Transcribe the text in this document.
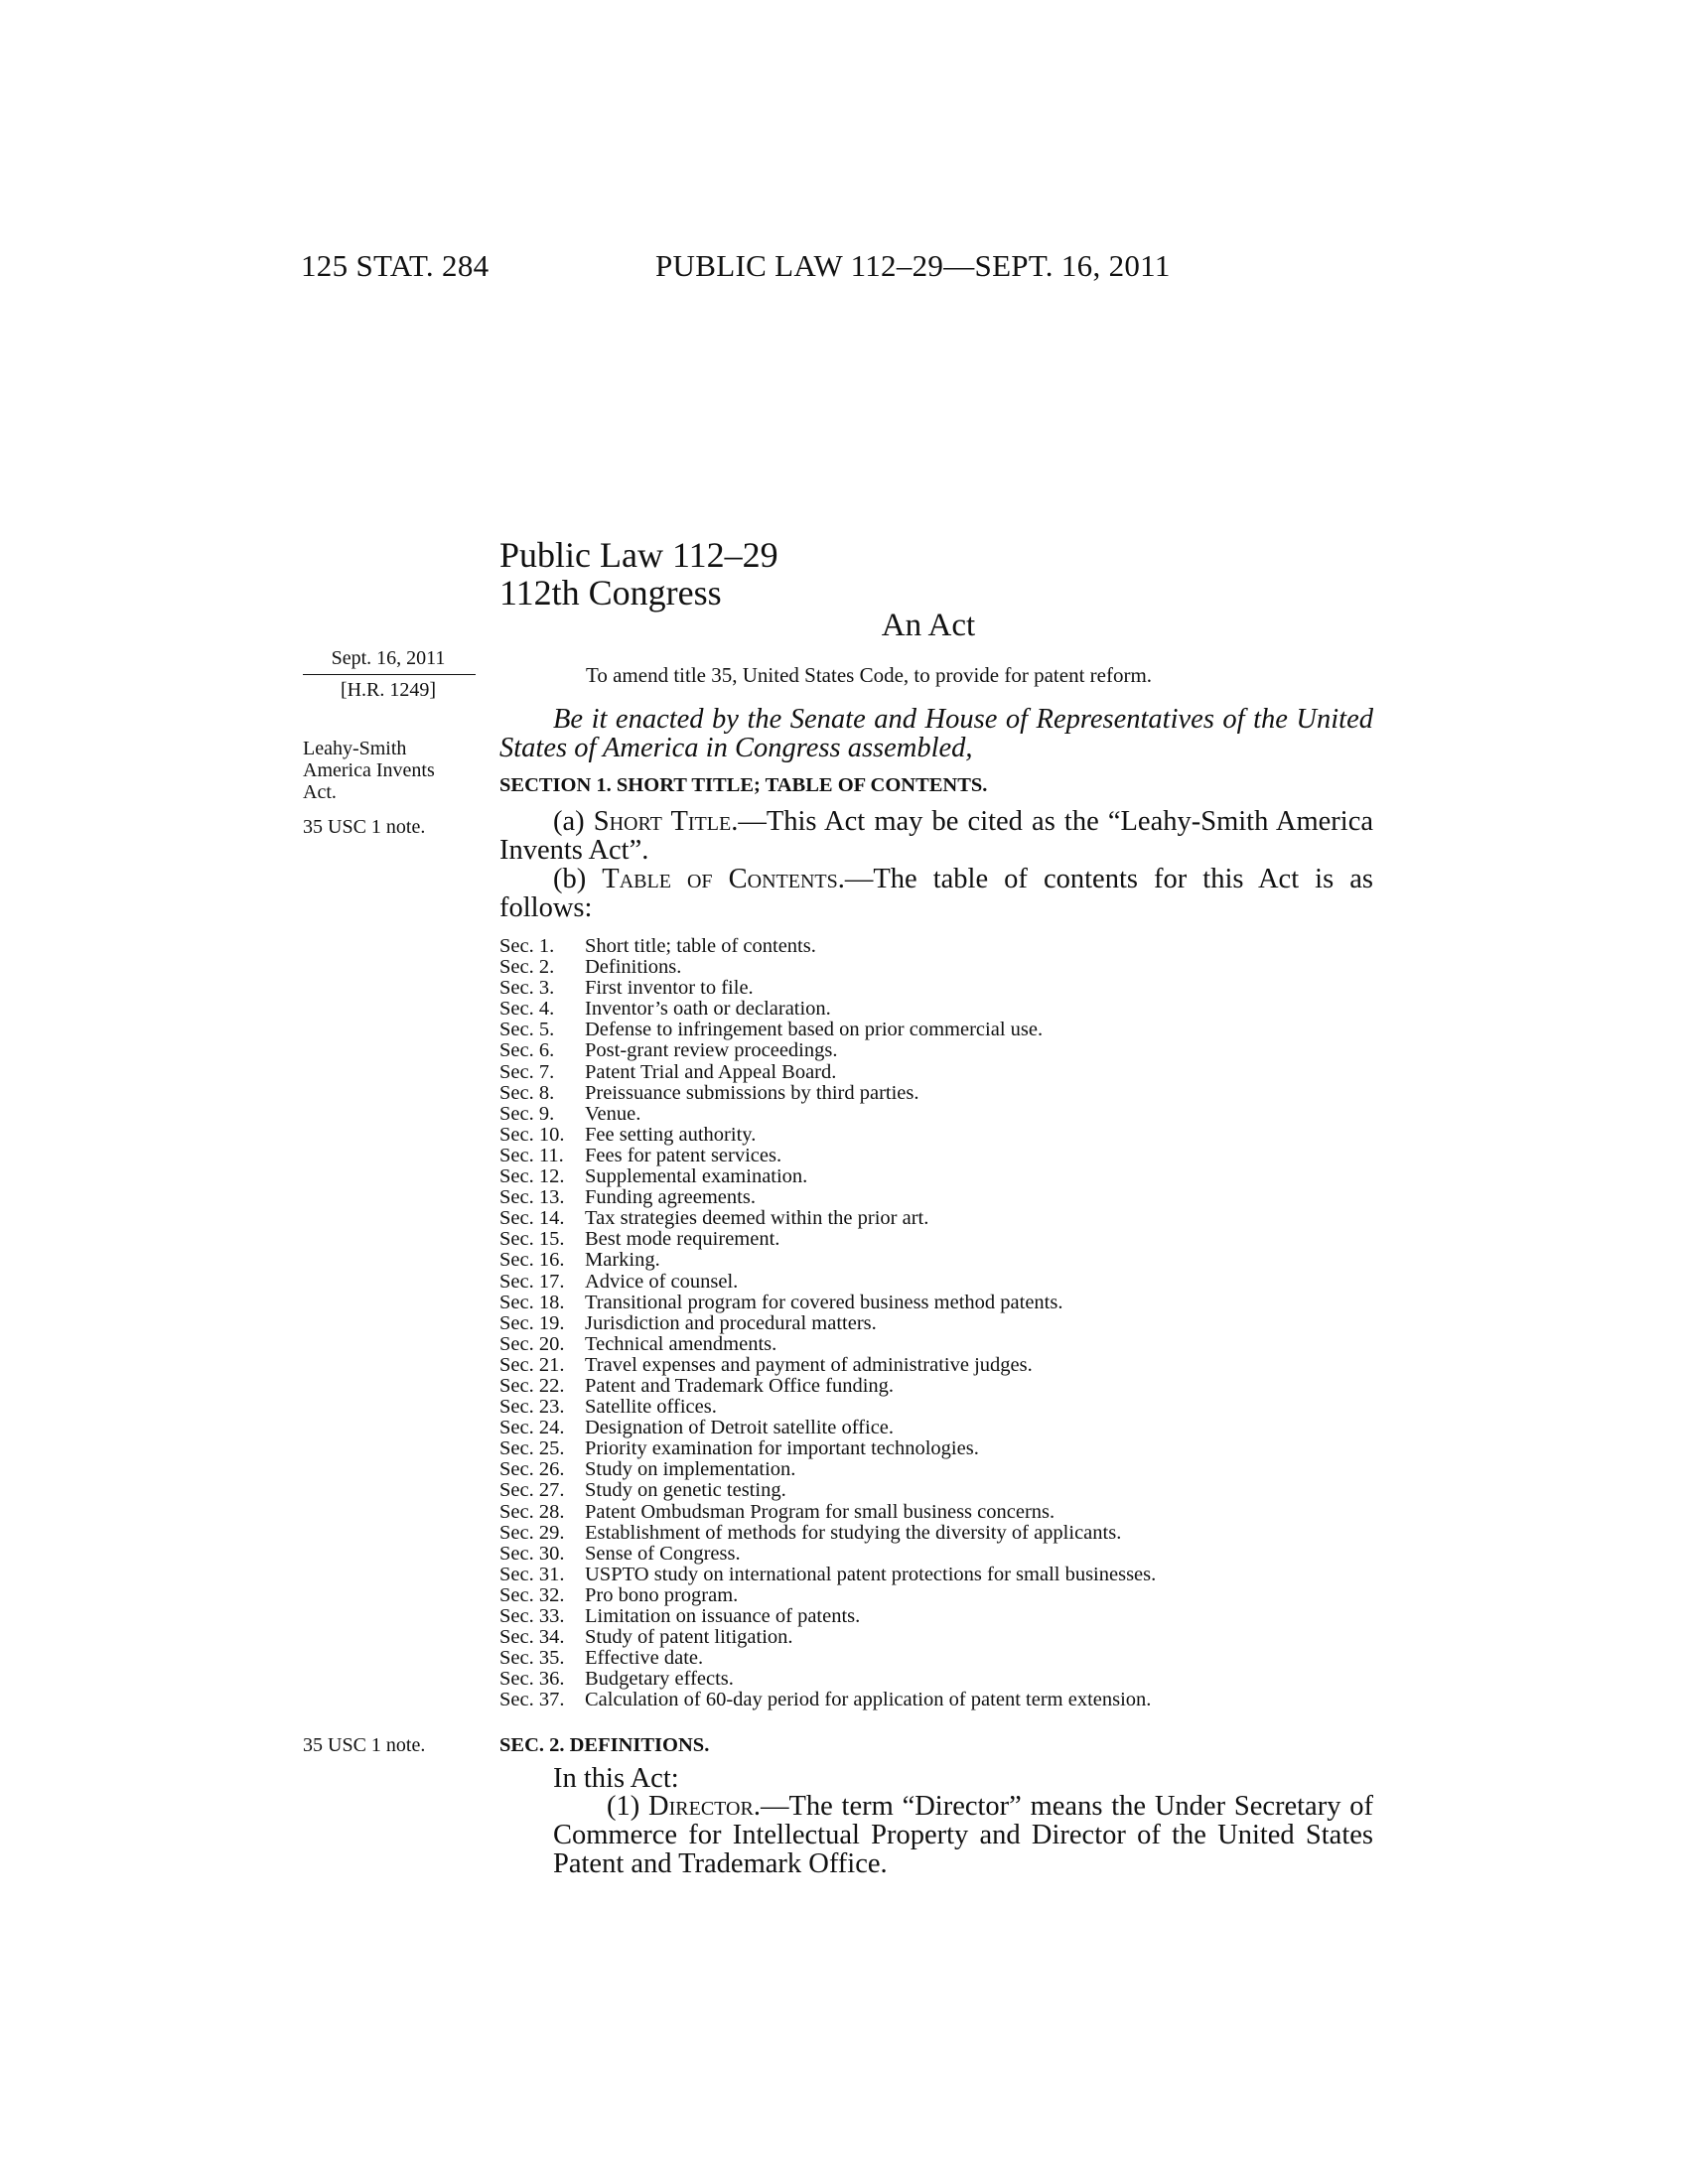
125 STAT. 284	PUBLIC LAW 112–29—SEPT. 16, 2011
Public Law 112–29
112th Congress
An Act
To amend title 35, United States Code, to provide for patent reform.
Sept. 16, 2011
[H.R. 1249]
Leahy-Smith America Invents Act.
35 USC 1 note.
35 USC 1 note.
Be it enacted by the Senate and House of Representatives of the United States of America in Congress assembled,
SECTION 1. SHORT TITLE; TABLE OF CONTENTS.
(a) Short Title.—This Act may be cited as the “Leahy-Smith America Invents Act”.
(b) Table of Contents.—The table of contents for this Act is as follows:
Sec. 1. Short title; table of contents.
Sec. 2. Definitions.
Sec. 3. First inventor to file.
Sec. 4. Inventor’s oath or declaration.
Sec. 5. Defense to infringement based on prior commercial use.
Sec. 6. Post-grant review proceedings.
Sec. 7. Patent Trial and Appeal Board.
Sec. 8. Preissuance submissions by third parties.
Sec. 9. Venue.
Sec. 10. Fee setting authority.
Sec. 11. Fees for patent services.
Sec. 12. Supplemental examination.
Sec. 13. Funding agreements.
Sec. 14. Tax strategies deemed within the prior art.
Sec. 15. Best mode requirement.
Sec. 16. Marking.
Sec. 17. Advice of counsel.
Sec. 18. Transitional program for covered business method patents.
Sec. 19. Jurisdiction and procedural matters.
Sec. 20. Technical amendments.
Sec. 21. Travel expenses and payment of administrative judges.
Sec. 22. Patent and Trademark Office funding.
Sec. 23. Satellite offices.
Sec. 24. Designation of Detroit satellite office.
Sec. 25. Priority examination for important technologies.
Sec. 26. Study on implementation.
Sec. 27. Study on genetic testing.
Sec. 28. Patent Ombudsman Program for small business concerns.
Sec. 29. Establishment of methods for studying the diversity of applicants.
Sec. 30. Sense of Congress.
Sec. 31. USPTO study on international patent protections for small businesses.
Sec. 32. Pro bono program.
Sec. 33. Limitation on issuance of patents.
Sec. 34. Study of patent litigation.
Sec. 35. Effective date.
Sec. 36. Budgetary effects.
Sec. 37. Calculation of 60-day period for application of patent term extension.
SEC. 2. DEFINITIONS.
In this Act:
(1) Director.—The term “Director” means the Under Secretary of Commerce for Intellectual Property and Director of the United States Patent and Trademark Office.
